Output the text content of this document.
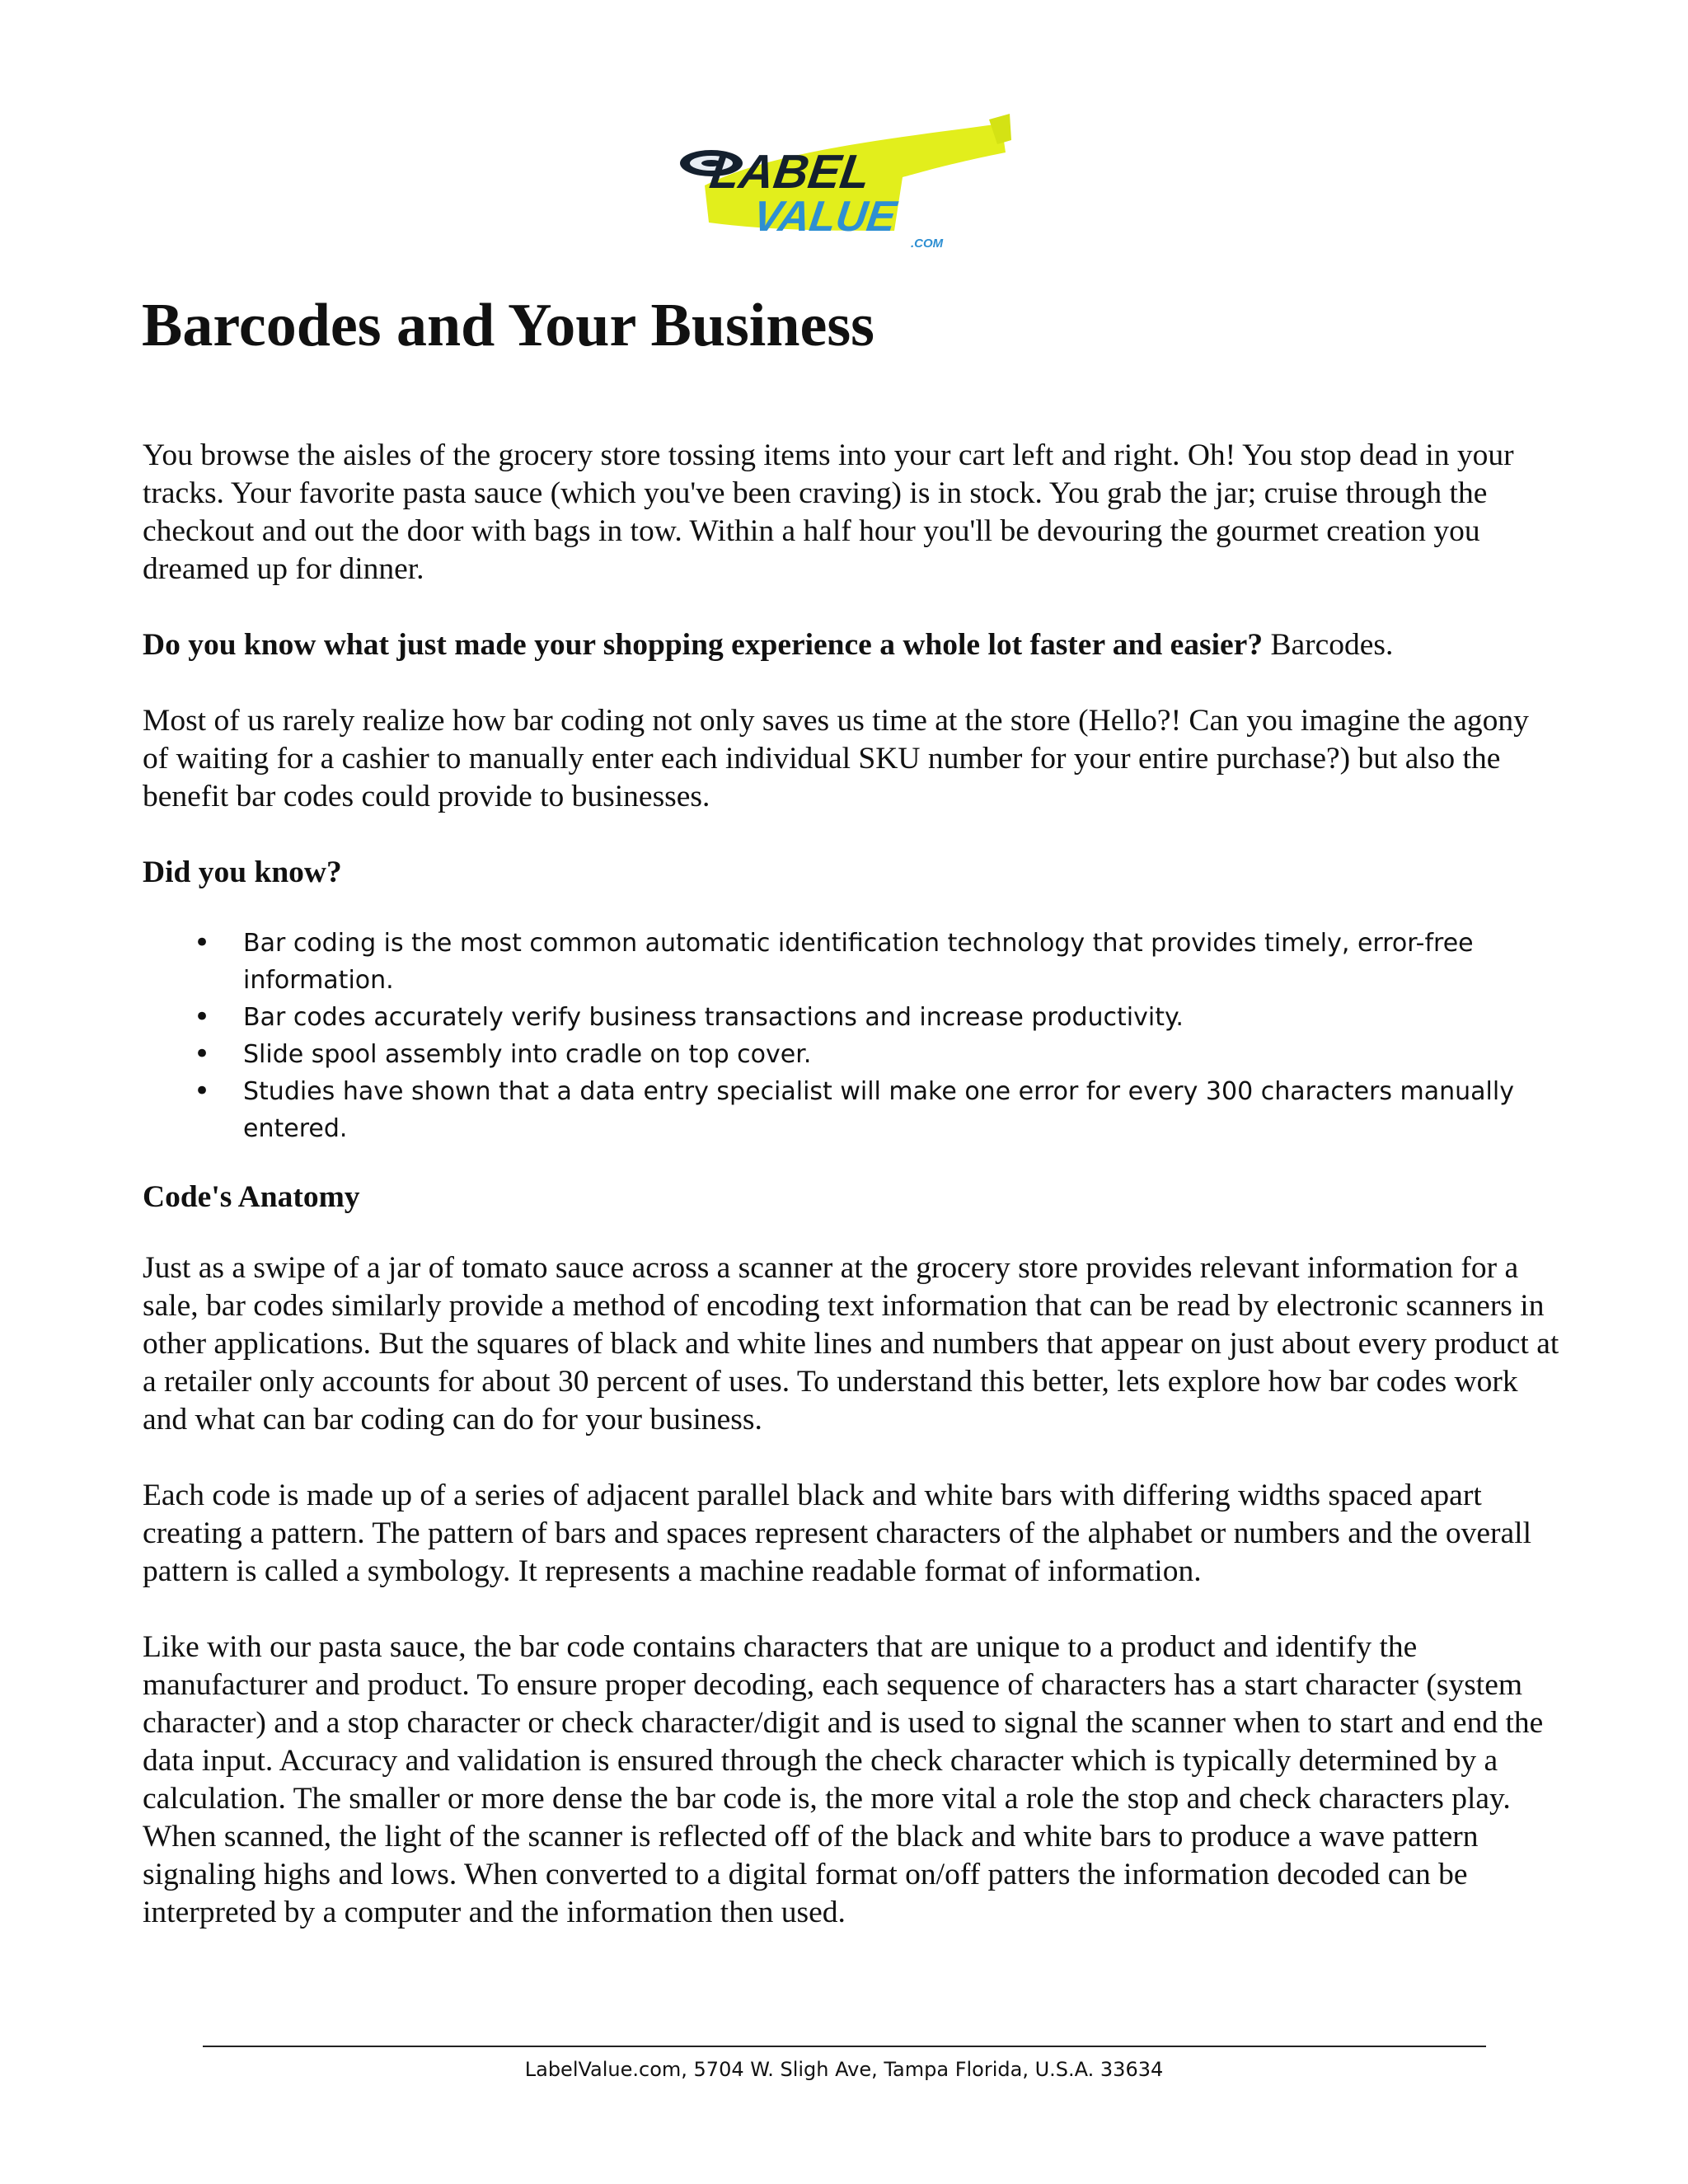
LABEL
VALUE
.COM
Barcodes and Your Business

You browse the aisles of the grocery store tossing items into your cart left and right. Oh! You stop dead in your tracks. Your favorite pasta sauce (which you've been craving) is in stock. You grab the jar; cruise through the checkout and out the door with bags in tow. Within a half hour you'll be devouring the gourmet creation you dreamed up for dinner.

Do you know what just made your shopping experience a whole lot faster and easier? Barcodes.

Most of us rarely realize how bar coding not only saves us time at the store (Hello?! Can you imagine the agony of waiting for a cashier to manually enter each individual SKU number for your entire purchase?) but also the benefit bar codes could provide to businesses.

Did you know?

• Bar coding is the most common automatic identification technology that provides timely, error-free information.
• Bar codes accurately verify business transactions and increase productivity.
• Slide spool assembly into cradle on top cover.
• Studies have shown that a data entry specialist will make one error for every 300 characters manually entered.

Code's Anatomy

Just as a swipe of a jar of tomato sauce across a scanner at the grocery store provides relevant information for a sale, bar codes similarly provide a method of encoding text information that can be read by electronic scanners in other applications. But the squares of black and white lines and numbers that appear on just about every product at a retailer only accounts for about 30 percent of uses. To understand this better, lets explore how bar codes work and what can bar coding can do for your business.

Each code is made up of a series of adjacent parallel black and white bars with differing widths spaced apart creating a pattern. The pattern of bars and spaces represent characters of the alphabet or numbers and the overall pattern is called a symbology. It represents a machine readable format of information.

Like with our pasta sauce, the bar code contains characters that are unique to a product and identify the manufacturer and product. To ensure proper decoding, each sequence of characters has a start character (system character) and a stop character or check character/digit and is used to signal the scanner when to start and end the data input. Accuracy and validation is ensured through the check character which is typically determined by a calculation. The smaller or more dense the bar code is, the more vital a role the stop and check characters play. When scanned, the light of the scanner is reflected off of the black and white bars to produce a wave pattern signaling highs and lows. When converted to a digital format on/off patters the information decoded can be interpreted by a computer and the information then used.

LabelValue.com, 5704 W. Sligh Ave, Tampa Florida, U.S.A. 33634
